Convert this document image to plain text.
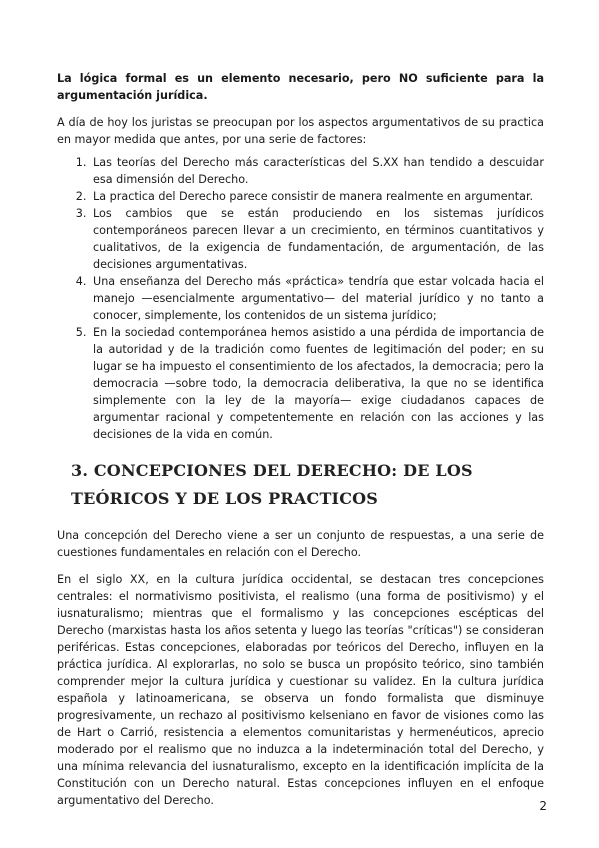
La lógica formal es un elemento necesario, pero NO suficiente para la argumentación jurídica.

A día de hoy los juristas se preocupan por los aspectos argumentativos de su practica en mayor medida que antes, por una serie de factores:

1. Las teorías del Derecho más características del S.XX han tendido a descuidar esa dimensión del Derecho.
2. La practica del Derecho parece consistir de manera realmente en argumentar.
3. Los cambios que se están produciendo en los sistemas jurídicos contemporáneos parecen llevar a un crecimiento, en términos cuantitativos y cualitativos, de la exigencia de fundamentación, de argumentación, de las decisiones argumentativas.
4. Una enseñanza del Derecho más «práctica» tendría que estar volcada hacia el manejo —esencialmente argumentativo— del material jurídico y no tanto a conocer, simplemente, los contenidos de un sistema jurídico;
5. En la sociedad contemporánea hemos asistido a una pérdida de importancia de la autoridad y de la tradición como fuentes de legitimación del poder; en su lugar se ha impuesto el consentimiento de los afectados, la democracia; pero la democracia —sobre todo, la democracia deliberativa, la que no se identifica simplemente con la ley de la mayoría— exige ciudadanos capaces de argumentar racional y competentemente en relación con las acciones y las decisiones de la vida en común.
3. CONCEPCIONES DEL DERECHO: DE LOS TEÓRICOS Y DE LOS PRACTICOS

Una concepción del Derecho viene a ser un conjunto de respuestas, a una serie de cuestiones fundamentales en relación con el Derecho.

En el siglo XX, en la cultura jurídica occidental, se destacan tres concepciones centrales: el normativismo positivista, el realismo (una forma de positivismo) y el iusnaturalismo; mientras que el formalismo y las concepciones escépticas del Derecho (marxistas hasta los años setenta y luego las teorías "críticas") se consideran periféricas. Estas concepciones, elaboradas por teóricos del Derecho, influyen en la práctica jurídica. Al explorarlas, no solo se busca un propósito teórico, sino también comprender mejor la cultura jurídica y cuestionar su validez. En la cultura jurídica española y latinoamericana, se observa un fondo formalista que disminuye progresivamente, un rechazo al positivismo kelseniano en favor de visiones como las de Hart o Carrió, resistencia a elementos comunitaristas y hermenéuticos, aprecio moderado por el realismo que no induzca a la indeterminación total del Derecho, y una mínima relevancia del iusnaturalismo, excepto en la identificación implícita de la Constitución con un Derecho natural. Estas concepciones influyen en el enfoque argumentativo del Derecho.	2
